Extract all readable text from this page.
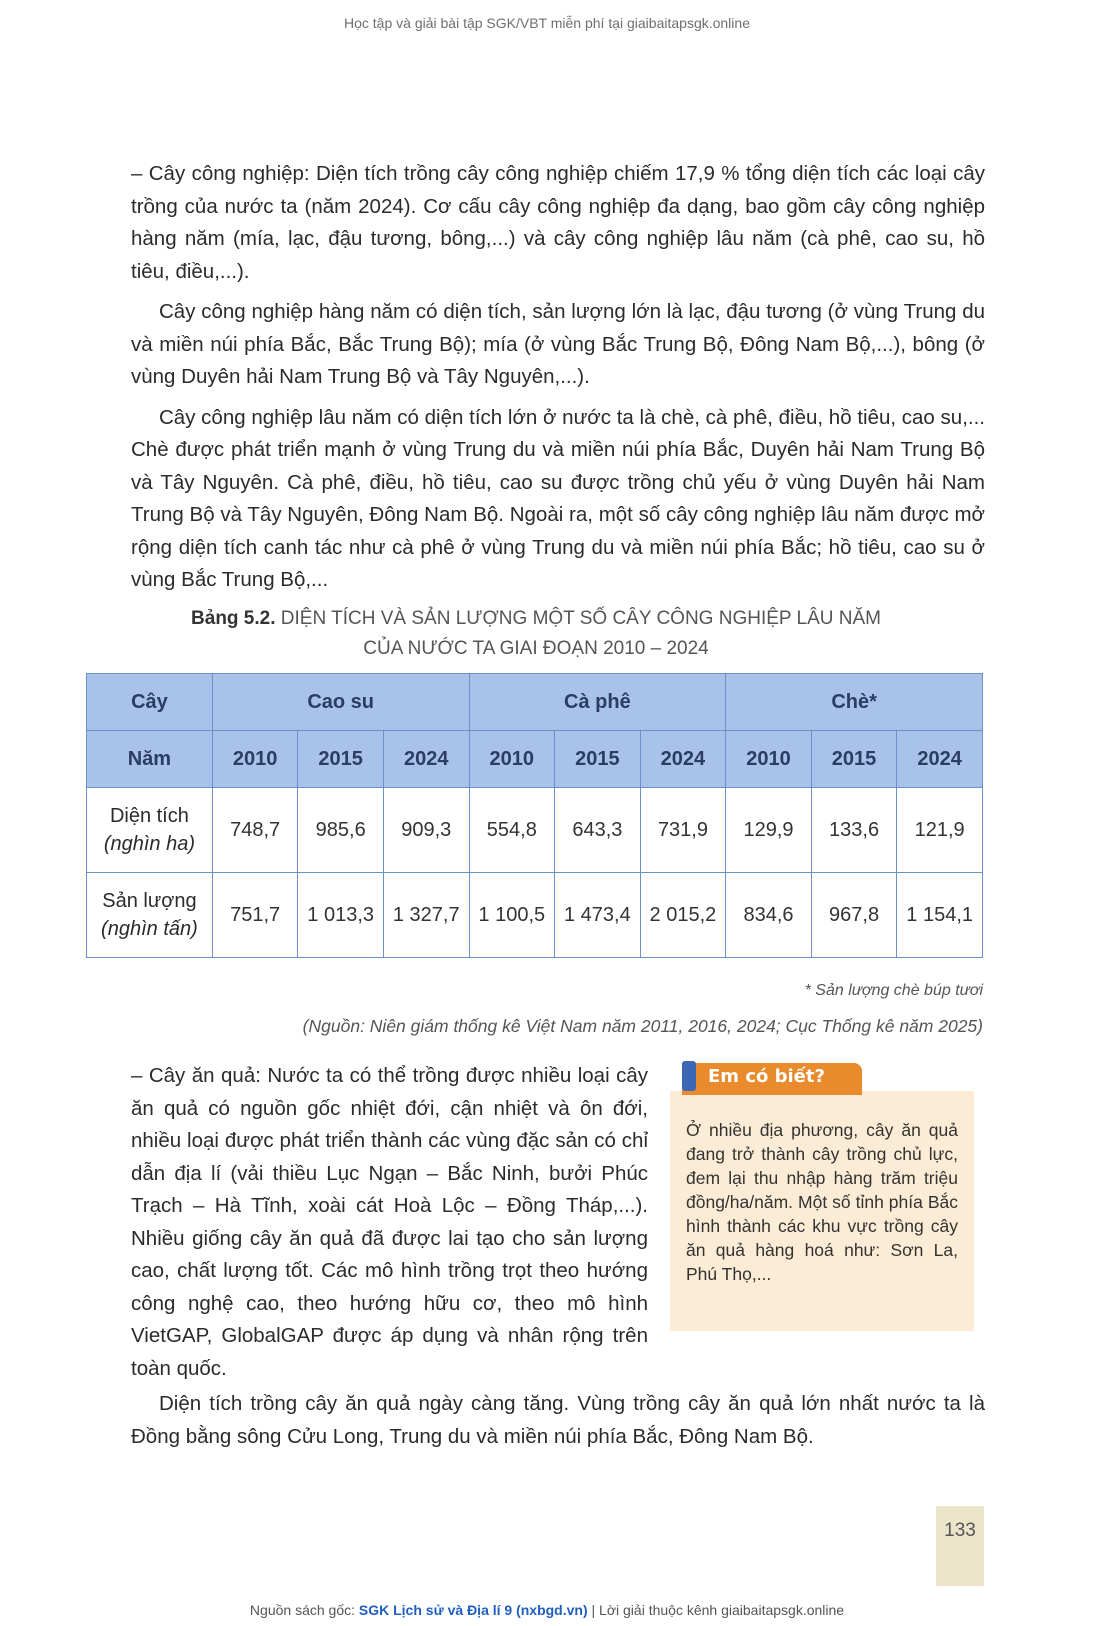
Học tập và giải bài tập SGK/VBT miễn phí tại giaibaitapsgk.online

– Cây công nghiệp: Diện tích trồng cây công nghiệp chiếm 17,9 % tổng diện tích các loại cây trồng của nước ta (năm 2024). Cơ cấu cây công nghiệp đa dạng, bao gồm cây công nghiệp hàng năm (mía, lạc, đậu tương, bông,...) và cây công nghiệp lâu năm (cà phê, cao su, hồ tiêu, điều,...).

Cây công nghiệp hàng năm có diện tích, sản lượng lớn là lạc, đậu tương (ở vùng Trung du và miền núi phía Bắc, Bắc Trung Bộ); mía (ở vùng Bắc Trung Bộ, Đông Nam Bộ,...), bông (ở vùng Duyên hải Nam Trung Bộ và Tây Nguyên,...).

Cây công nghiệp lâu năm có diện tích lớn ở nước ta là chè, cà phê, điều, hồ tiêu, cao su,... Chè được phát triển mạnh ở vùng Trung du và miền núi phía Bắc, Duyên hải Nam Trung Bộ và Tây Nguyên. Cà phê, điều, hồ tiêu, cao su được trồng chủ yếu ở vùng Duyên hải Nam Trung Bộ và Tây Nguyên, Đông Nam Bộ. Ngoài ra, một số cây công nghiệp lâu năm được mở rộng diện tích canh tác như cà phê ở vùng Trung du và miền núi phía Bắc; hồ tiêu, cao su ở vùng Bắc Trung Bộ,...

Bảng 5.2. DIỆN TÍCH VÀ SẢN LƯỢNG MỘT SỐ CÂY CÔNG NGHIỆP LÂU NĂM
CỦA NƯỚC TA GIAI ĐOẠN 2010 – 2024
Cây	Cao su			Cà phê			Chè*		
Năm	2010	2015	2024	2010	2015	2024	2010	2015	2024
Diện tích
(nghìn ha)	748,7	985,6	909,3	554,8	643,3	731,9	129,9	133,6	121,9
Sản lượng
(nghìn tấn)	751,7	1 013,3	1 327,7	1 100,5	1 473,4	2 015,2	834,6	967,8	1 154,1
* Sản lượng chè búp tươi
(Nguồn: Niên giám thống kê Việt Nam năm 2011, 2016, 2024; Cục Thống kê năm 2025)

– Cây ăn quả: Nước ta có thể trồng được nhiều loại cây ăn quả có nguồn gốc nhiệt đới, cận nhiệt và ôn đới, nhiều loại được phát triển thành các vùng đặc sản có chỉ dẫn địa lí (vải thiều Lục Ngạn – Bắc Ninh, bưởi Phúc Trạch – Hà Tĩnh, xoài cát Hoà Lộc – Đồng Tháp,...). Nhiều giống cây ăn quả đã được lai tạo cho sản lượng cao, chất lượng tốt. Các mô hình trồng trọt theo hướng công nghệ cao, theo hướng hữu cơ, theo mô hình VietGAP, GlobalGAP được áp dụng và nhân rộng trên toàn quốc.

Em có biết?

Ở nhiều địa phương, cây ăn quả đang trở thành cây trồng chủ lực, đem lại thu nhập hàng trăm triệu đồng/ha/năm. Một số tỉnh phía Bắc hình thành các khu vực trồng cây ăn quả hàng hoá như: Sơn La, Phú Thọ,...

Diện tích trồng cây ăn quả ngày càng tăng. Vùng trồng cây ăn quả lớn nhất nước ta là Đồng bằng sông Cửu Long, Trung du và miền núi phía Bắc, Đông Nam Bộ.

133
Nguồn sách gốc: SGK Lịch sử và Địa lí 9 (nxbgd.vn) | Lời giải thuộc kênh giaibaitapsgk.online
